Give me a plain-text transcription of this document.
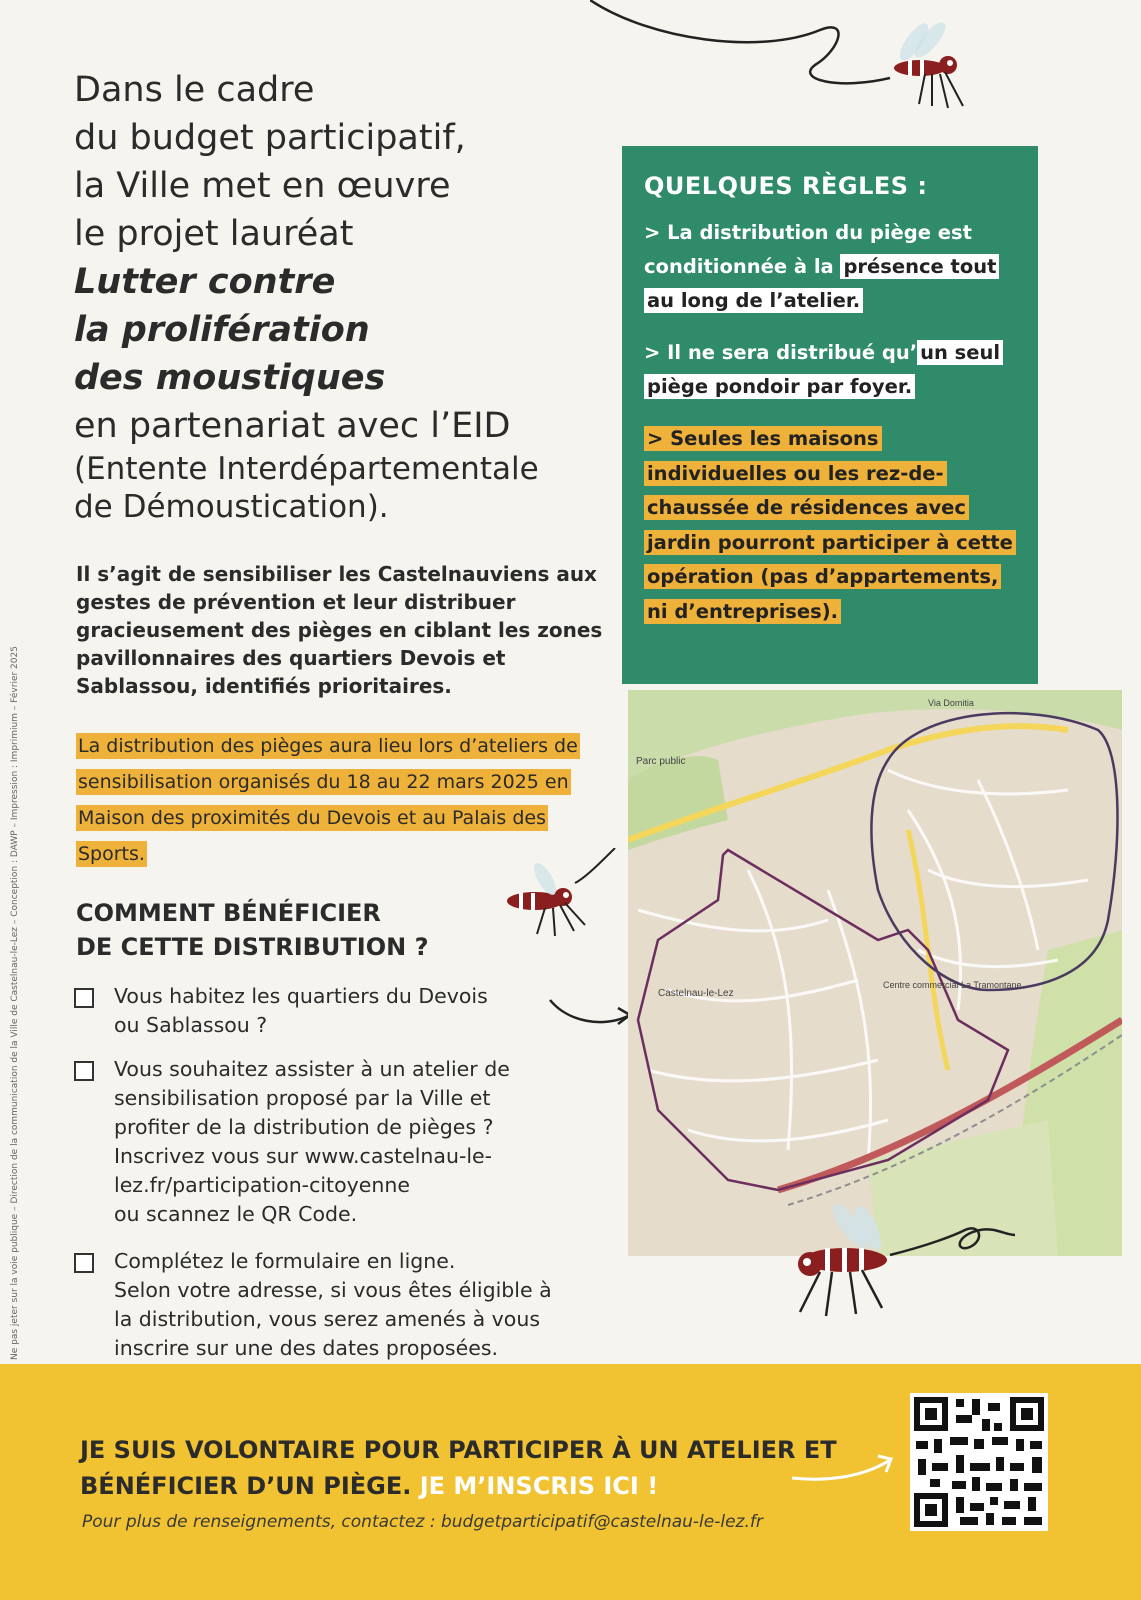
Dans le cadre
du budget participatif,
la Ville met en œuvre
le projet lauréat
Lutter contre
la prolifération
des moustiques
en partenariat avec l’EID
(Entente Interdépartementale
de Démoustication).
Il s’agit de sensibiliser les Castelnauviens aux gestes de prévention et leur distribuer gracieusement des pièges en ciblant les zones pavillonnaires des quartiers Devois et Sablassou, identifiés prioritaires.
La distribution des pièges aura lieu lors d’ateliers de sensibilisation organisés du 18 au 22 mars 2025 en Maison des proximités du Devois et au Palais des Sports.
COMMENT BÉNÉFICIER
DE CETTE DISTRIBUTION ?
Vous habitez les quartiers du Devois
ou Sablassou ?
Vous souhaitez assister à un atelier de
sensibilisation proposé par la Ville et
profiter de la distribution de pièges ?
Inscrivez vous sur www.castelnau-le-
lez.fr/participation-citoyenne
ou scannez le QR Code.
Complétez le formulaire en ligne.
Selon votre adresse, si vous êtes éligible à
la distribution, vous serez amenés à vous
inscrire sur une des dates proposées.
QUELQUES RÈGLES :

> La distribution du piège est conditionnée à la présence tout au long de l’atelier.

> Il ne sera distribué qu’ un seul piège pondoir par foyer.

> Seules les maisons individuelles ou les rez-de-chaussée de résidences avec jardin pourront participer à cette opération (pas d’appartements, ni d’entreprises).

Parc public
Castelnau-le-Lez
Centre commercial La Tramontane
Via Domitia
JE SUIS VOLONTAIRE POUR PARTICIPER À UN ATELIER ET BÉNÉFICIER D’UN PIÈGE. JE M’INSCRIS ICI !
Pour plus de renseignements, contactez : budgetparticipatif@castelnau-le-lez.fr
Ne pas jeter sur la voie publique – Direction de la communication de la Ville de Castelnau-le-Lez – Conception : DAWP – Impression : Imprimium – Février 2025
